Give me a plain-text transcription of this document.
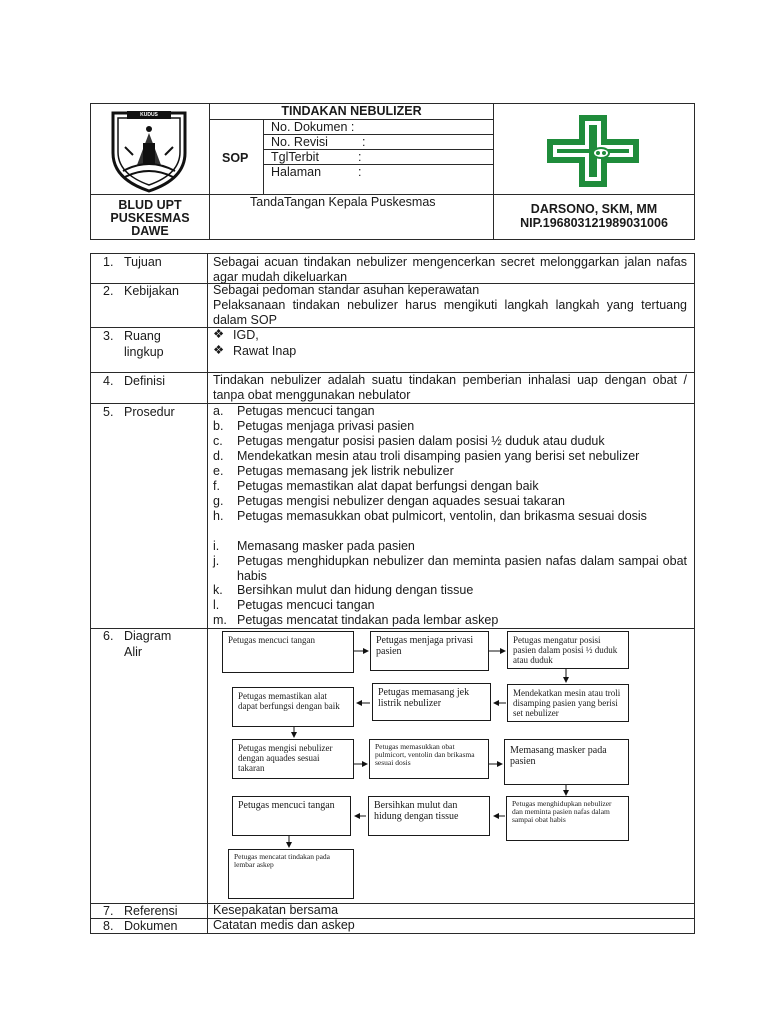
KUDUS
BLUD UPT
PUSKESMAS
DAWE
TINDAKAN NEBULIZER
SOP
No. Dokumen :
No. Revisi	:
TglTerbit	:
Halaman	:
TandaTangan Kepala Puskesmas	DARSONO, SKM, MM
NIP.196803121989031006
1. Tujuan	Sebagai acuan tindakan nebulizer mengencerkan secret melonggarkan jalan nafas agar mudah dikeluarkan
2. Kebijakan	Sebagai pedoman standar asuhan keperawatan
Pelaksanaan tindakan nebulizer harus mengikuti langkah langkah yang tertuang dalam SOP
3. Ruang
lingkup
❖ IGD,
❖ Rawat Inap
4. Definisi	Tindakan nebulizer adalah suatu tindakan pemberian inhalasi uap dengan obat / tanpa obat menggunakan nebulator
5. Prosedur	a. Petugas mencuci tangan
b. Petugas menjaga privasi pasien
c. Petugas mengatur posisi pasien dalam posisi ½ duduk atau duduk
d. Mendekatkan mesin atau troli disamping pasien yang berisi set nebulizer
e. Petugas memasang jek listrik nebulizer
f. Petugas memastikan alat dapat berfungsi dengan baik
g. Petugas mengisi nebulizer dengan aquades sesuai takaran
h. Petugas memasukkan obat pulmicort, ventolin, dan brikasma sesuai dosis
i. Memasang masker pada pasien
j. Petugas menghidupkan nebulizer dan meminta pasien nafas dalam sampai obat habis
k. Bersihkan mulut dan hidung dengan tissue
l. Petugas mencuci tangan
m. Petugas mencatat tindakan pada lembar askep
6. Diagram
Alir
Petugas mencuci tangan	Petugas menjaga privasi pasien
Petugas mengatur posisi pasien dalam posisi ½ duduk atau duduk
Mendekatkan mesin atau troli disamping pasien yang berisi set nebulizer
Petugas memasang jek listrik nebulizer
Petugas memastikan alat dapat berfungsi dengan baik
Petugas mengisi nebulizer dengan aquades sesuai takaran
Petugas memasukkan obat pulmicort, ventolin dan brikasma sesuai dosis
Memasang masker pada pasien
Petugas menghidupkan nebulizer dan meminta pasien nafas dalam sampai obat habis
Bersihkan mulut dan hidung dengan tissue
Petugas mencuci tangan
Petugas mencatat tindakan pada lembar askep
7. Referensi	Kesepakatan bersama
8. Dokumen	Catatan medis dan askep
